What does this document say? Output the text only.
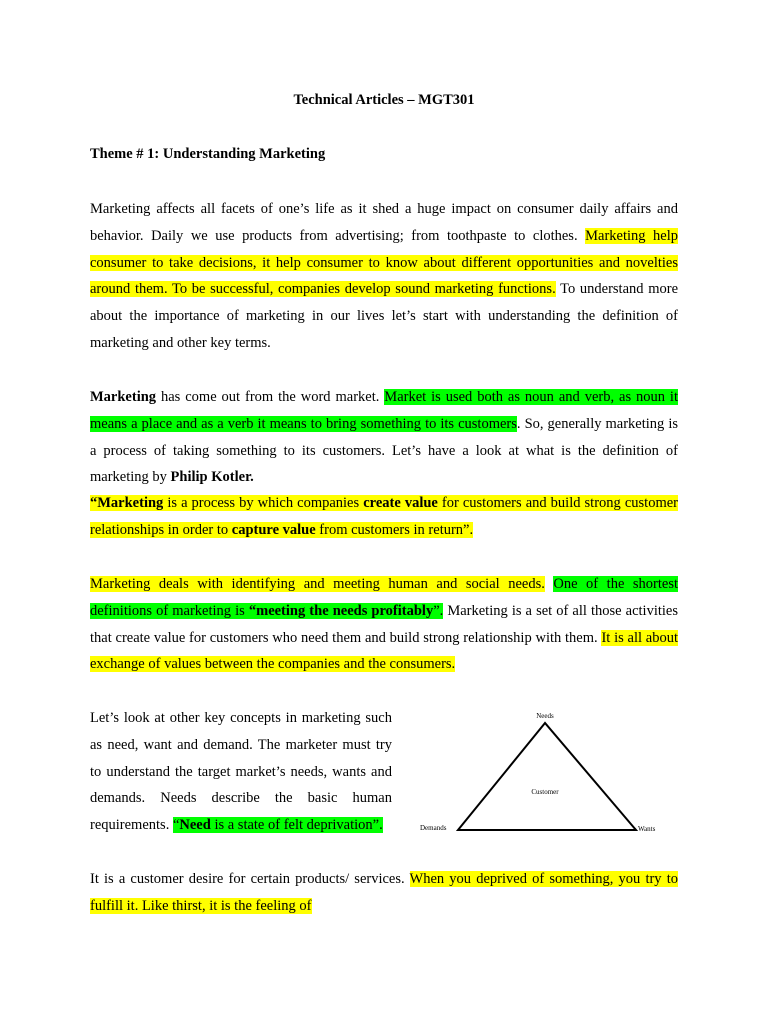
Technical Articles – MGT301
Theme # 1: Understanding Marketing

Marketing affects all facets of one’s life as it shed a huge impact on consumer daily affairs and behavior. Daily we use products from advertising; from toothpaste to clothes. Marketing help consumer to take decisions, it help consumer to know about different opportunities and novelties around them. To be successful, companies develop sound marketing functions. To understand more about the importance of marketing in our lives let’s start with understanding the definition of marketing and other key terms.

Marketing has come out from the word market. Market is used both as noun and verb, as noun it means a place and as a verb it means to bring something to its customers. So, generally marketing is a process of taking something to its customers. Let’s have a look at what is the definition of marketing by Philip Kotler.

“Marketing is a process by which companies create value for customers and build strong customer relationships in order to capture value from customers in return”.

Marketing deals with identifying and meeting human and social needs. One of the shortest definitions of marketing is “meeting the needs profitably”. Marketing is a set of all those activities that create value for customers who need them and build strong relationship with them. It is all about exchange of values between the companies and the consumers.

Let’s look at other key concepts in marketing such as need, want and demand. The marketer must try to understand the target market’s needs, wants and demands. Needs describe the basic human requirements. “Need is a state of felt deprivation”.

Needs
Customer
Demands	Wants

It is a customer desire for certain products/ services. When you deprived of something, you try to fulfill it. Like thirst, it is the feeling of
